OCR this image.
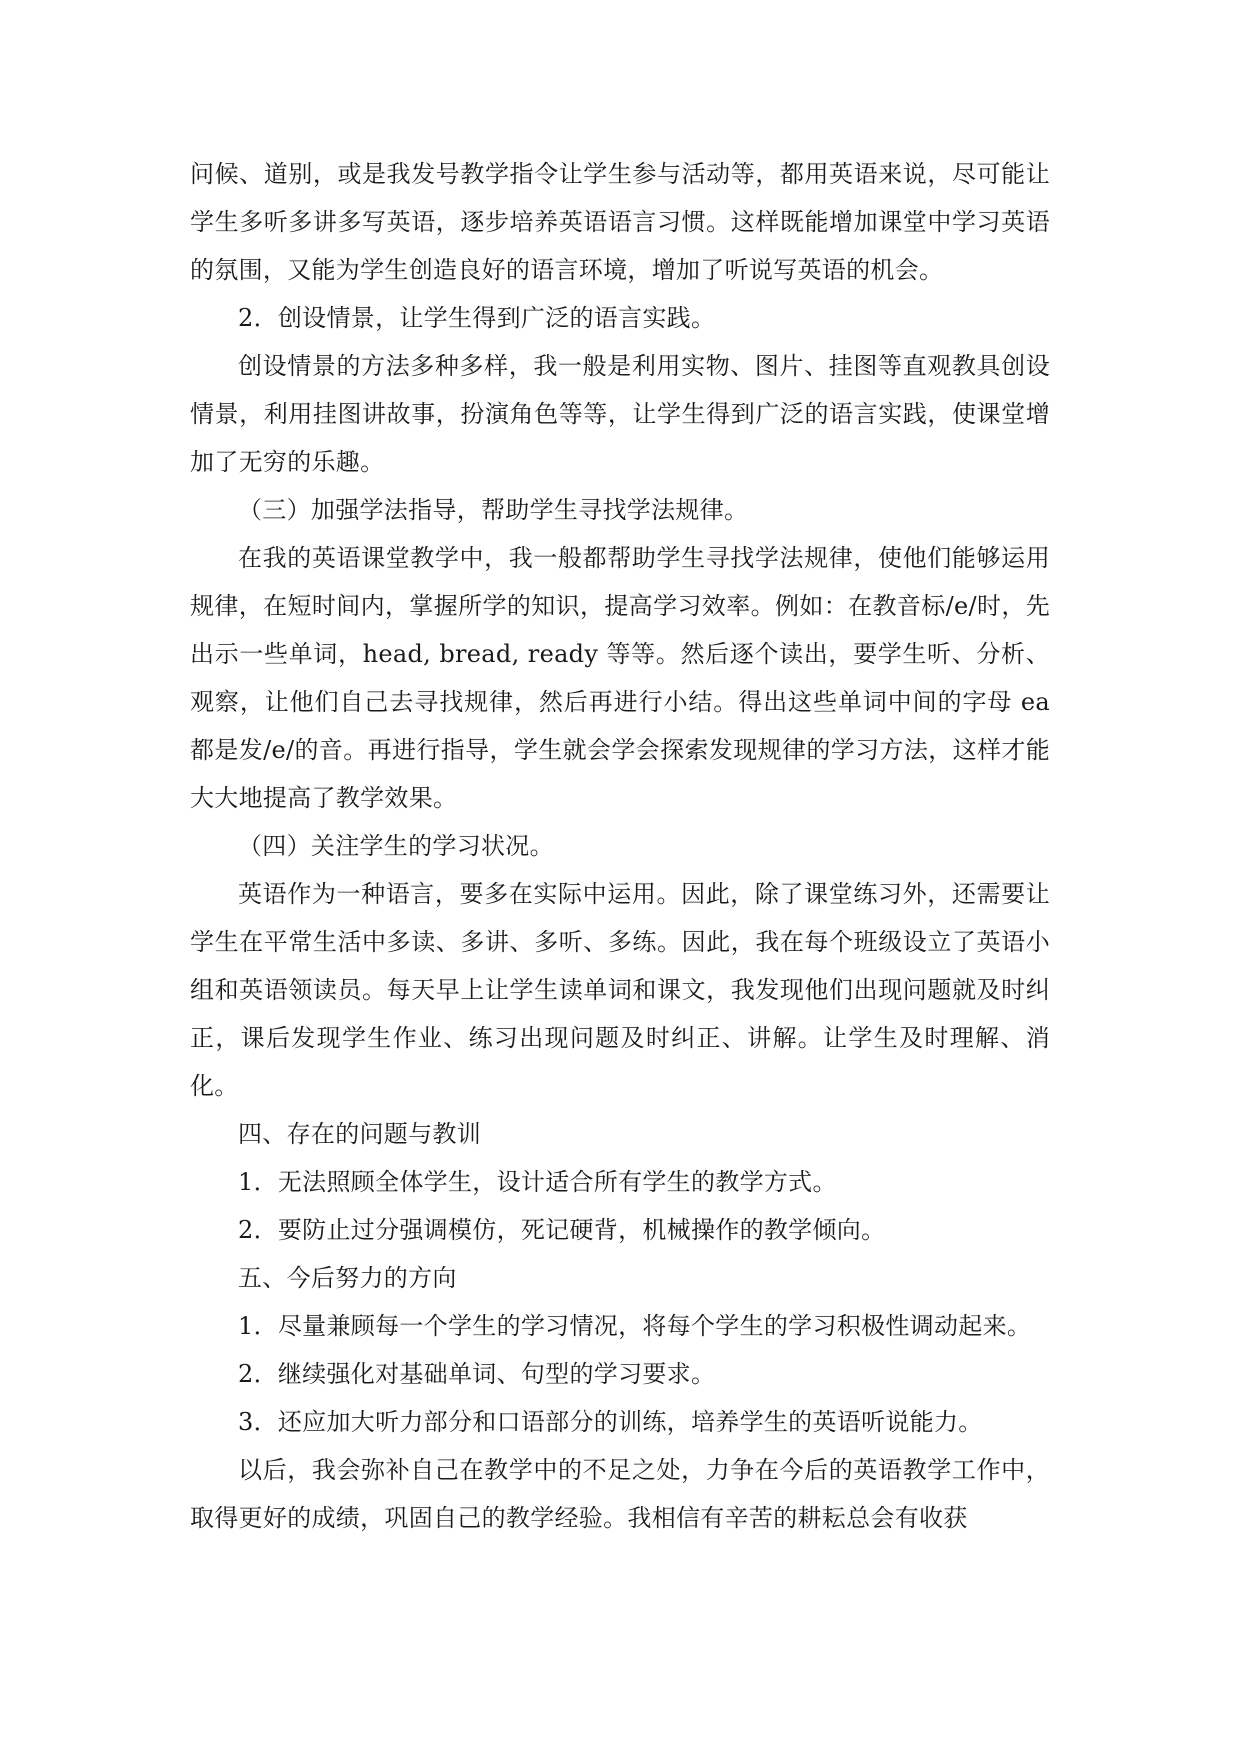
问候、道别，或是我发号教学指令让学生参与活动等，都用英语来说，尽可能让学生多听多讲多写英语，逐步培养英语语言习惯。这样既能增加课堂中学习英语的氛围，又能为学生创造良好的语言环境，增加了听说写英语的机会。

2．创设情景，让学生得到广泛的语言实践。

创设情景的方法多种多样，我一般是利用实物、图片、挂图等直观教具创设情景，利用挂图讲故事，扮演角色等等，让学生得到广泛的语言实践，使课堂增加了无穷的乐趣。

（三）加强学法指导，帮助学生寻找学法规律。

在我的英语课堂教学中，我一般都帮助学生寻找学法规律，使他们能够运用规律，在短时间内，掌握所学的知识，提高学习效率。例如：在教音标/e/时，先出示一些单词，head, bread, ready 等等。然后逐个读出，要学生听、分析、观察，让他们自己去寻找规律，然后再进行小结。得出这些单词中间的字母 ea 都是发/e/的音。再进行指导，学生就会学会探索发现规律的学习方法，这样才能大大地提高了教学效果。

（四）关注学生的学习状况。

英语作为一种语言，要多在实际中运用。因此，除了课堂练习外，还需要让学生在平常生活中多读、多讲、多听、多练。因此，我在每个班级设立了英语小组和英语领读员。每天早上让学生读单词和课文，我发现他们出现问题就及时纠正，课后发现学生作业、练习出现问题及时纠正、讲解。让学生及时理解、消化。

四、存在的问题与教训

1．无法照顾全体学生，设计适合所有学生的教学方式。

2．要防止过分强调模仿，死记硬背，机械操作的教学倾向。

五、今后努力的方向

1．尽量兼顾每一个学生的学习情况，将每个学生的学习积极性调动起来。

2．继续强化对基础单词、句型的学习要求。

3．还应加大听力部分和口语部分的训练，培养学生的英语听说能力。

以后，我会弥补自己在教学中的不足之处，力争在今后的英语教学工作中，取得更好的成绩，巩固自己的教学经验。我相信有辛苦的耕耘总会有收获
